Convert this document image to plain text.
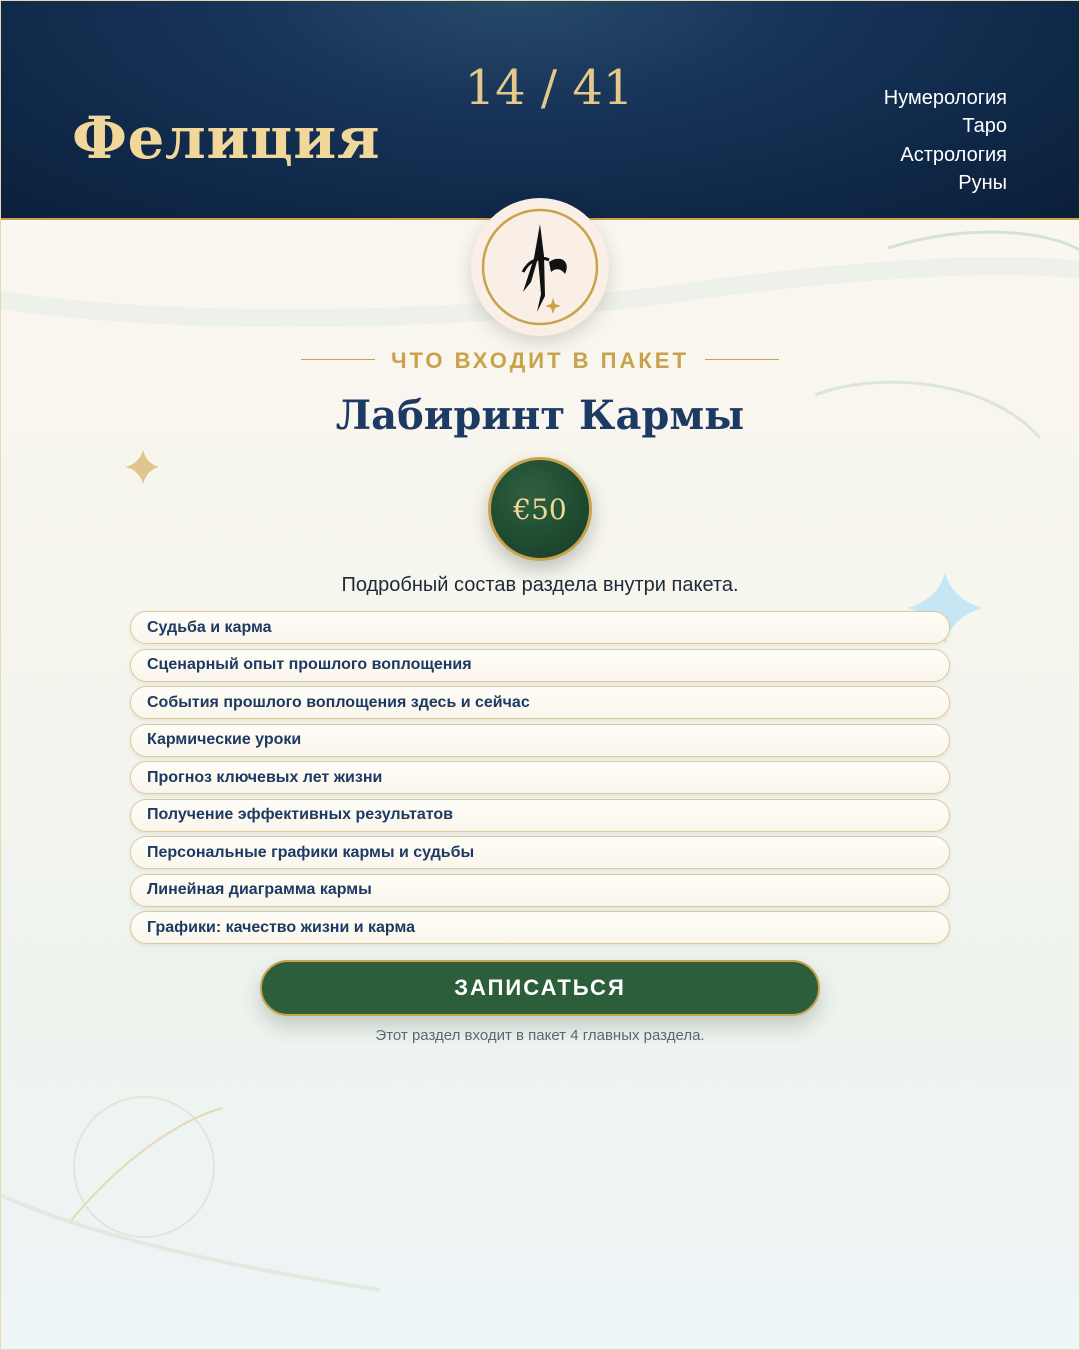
Фелиция
14 / 41	Нумерология
Таро
Астрология
Руны
ЧТО ВХОДИТ В ПАКЕТ
Лабиринт Кармы
€50
Подробный состав раздела внутри пакета.
Судьба и карма
Сценарный опыт прошлого воплощения
События прошлого воплощения здесь и сейчас
Кармические уроки
Прогноз ключевых лет жизни
Получение эффективных результатов
Персональные графики кармы и судьбы
Линейная диаграмма кармы
Графики: качество жизни и карма
ЗАПИСАТЬСЯ
Этот раздел входит в пакет 4 главных раздела.
